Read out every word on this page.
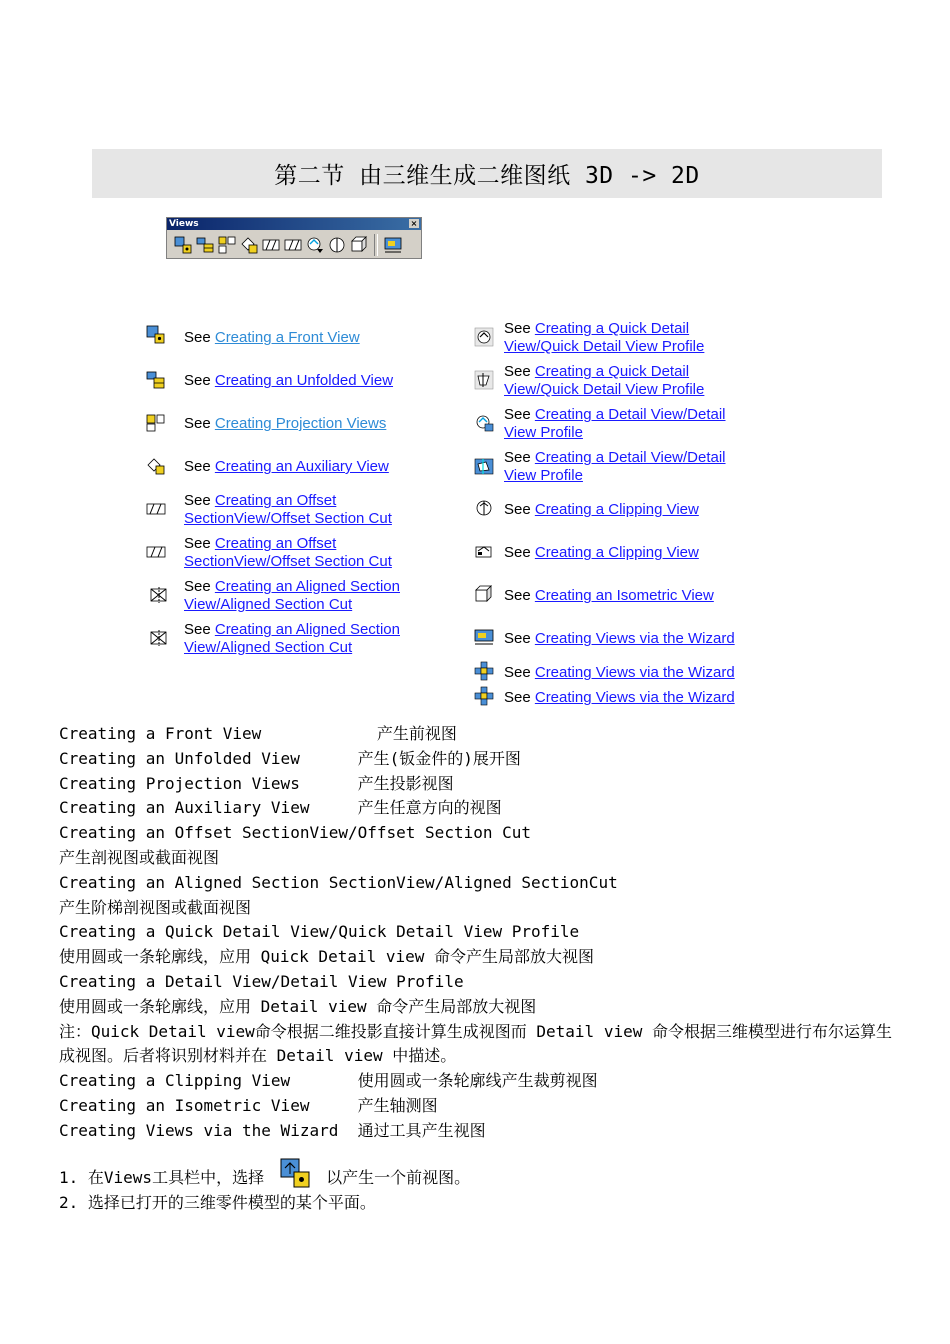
第二节 由三维生成二维图纸 3D -> 2D
Views	×
See Creating a Front View
See Creating an Unfolded View
See Creating Projection Views
See Creating an Auxiliary View
See Creating an Offset
SectionView/Offset Section Cut
See Creating an Offset
SectionView/Offset Section Cut
See Creating an Aligned Section
View/Aligned Section Cut
See Creating an Aligned Section
View/Aligned Section Cut
See Creating a Quick Detail
View/Quick Detail View Profile
See Creating a Quick Detail
View/Quick Detail View Profile
See Creating a Detail View/Detail
View Profile
See Creating a Detail View/Detail
View Profile
See Creating a Clipping View
See Creating a Clipping View
See Creating an Isometric View
See Creating Views via the Wizard
See Creating Views via the Wizard
See Creating Views via the Wizard
Creating a Front View            产生前视图
Creating an Unfolded View      产生(钣金件的)展开图
Creating Projection Views      产生投影视图
Creating an Auxiliary View     产生任意方向的视图
Creating an Offset SectionView/Offset Section Cut
产生剖视图或截面视图
Creating an Aligned Section SectionView/Aligned SectionCut
产生阶梯剖视图或截面视图
Creating a Quick Detail View/Quick Detail View Profile
使用圆或一条轮廓线，应用 Quick Detail view 命令产生局部放大视图
Creating a Detail View/Detail View Profile
使用圆或一条轮廓线，应用 Detail view 命令产生局部放大视图
注：Quick Detail view命令根据二维投影直接计算生成视图而 Detail view 命令根据三维模型进行布尔运算生成视图。后者将识别材料并在 Detail view 中描述。
Creating a Clipping View       使用圆或一条轮廓线产生裁剪视图
Creating an Isometric View     产生轴测图
Creating Views via the Wizard  通过工具产生视图
1. 在Views工具栏中，选择	以产生一个前视图。
2. 选择已打开的三维零件模型的某个平面。
